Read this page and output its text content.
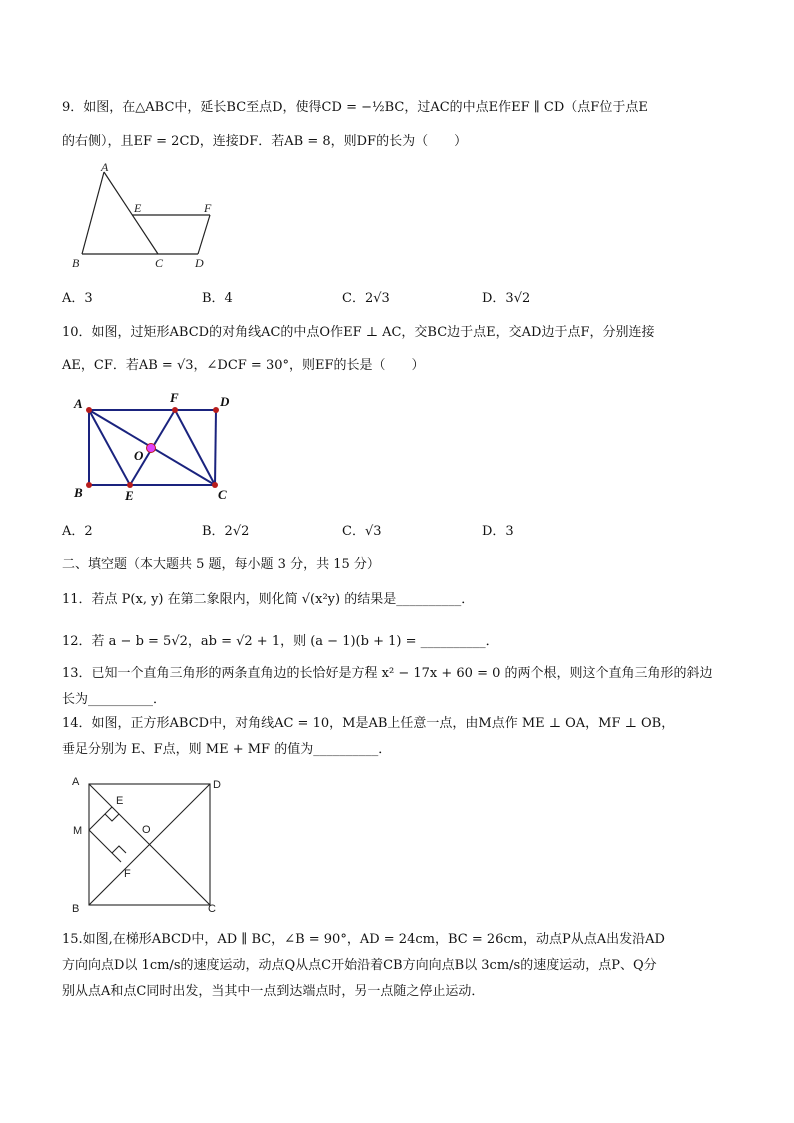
9．如图，在△ABC中，延长BC至点D，使得CD = −½BC，过AC的中点E作EF ∥ CD（点F位于点E
的右侧），且EF = 2CD，连接DF．若AB = 8，则DF的长为（　　）
A
B	C	D
E	F
A．3	B．4	C．2√3	D．3√2
10．如图，过矩形ABCD的对角线AC的中点O作EF ⊥ AC，交BC边于点E，交AD边于点F，分别连接
AE，CF．若AB = √3，∠DCF = 30°，则EF的长是（　　）
A	D
B	C
F
E
O
A．2	B．2√2	C．√3	D．3
二、填空题（本大题共 5 题，每小题 3 分，共 15 分）
11．若点 P(x, y) 在第二象限内，则化简 √(x²y) 的结果是__________．
12．若 a − b = 5√2，ab = √2 + 1，则 (a − 1)(b + 1) = __________．
13．已知一个直角三角形的两条直角边的长恰好是方程 x² − 17x + 60 = 0 的两个根，则这个直角三角形的斜边
长为__________．
14．如图，正方形ABCD中，对角线AC = 10，M是AB上任意一点，由M点作 ME ⊥ OA，MF ⊥ OB，
垂足分别为 E、F点，则 ME + MF 的值为__________．
A	D
B	C
M
E
F
O
15.如图,在梯形ABCD中，AD ∥ BC，∠B = 90°，AD = 24cm，BC = 26cm，动点P从点A出发沿AD
方向向点D以 1cm/s的速度运动，动点Q从点C开始沿着CB方向向点B以 3cm/s的速度运动，点P、Q分
别从点A和点C同时出发，当其中一点到达端点时，另一点随之停止运动．
